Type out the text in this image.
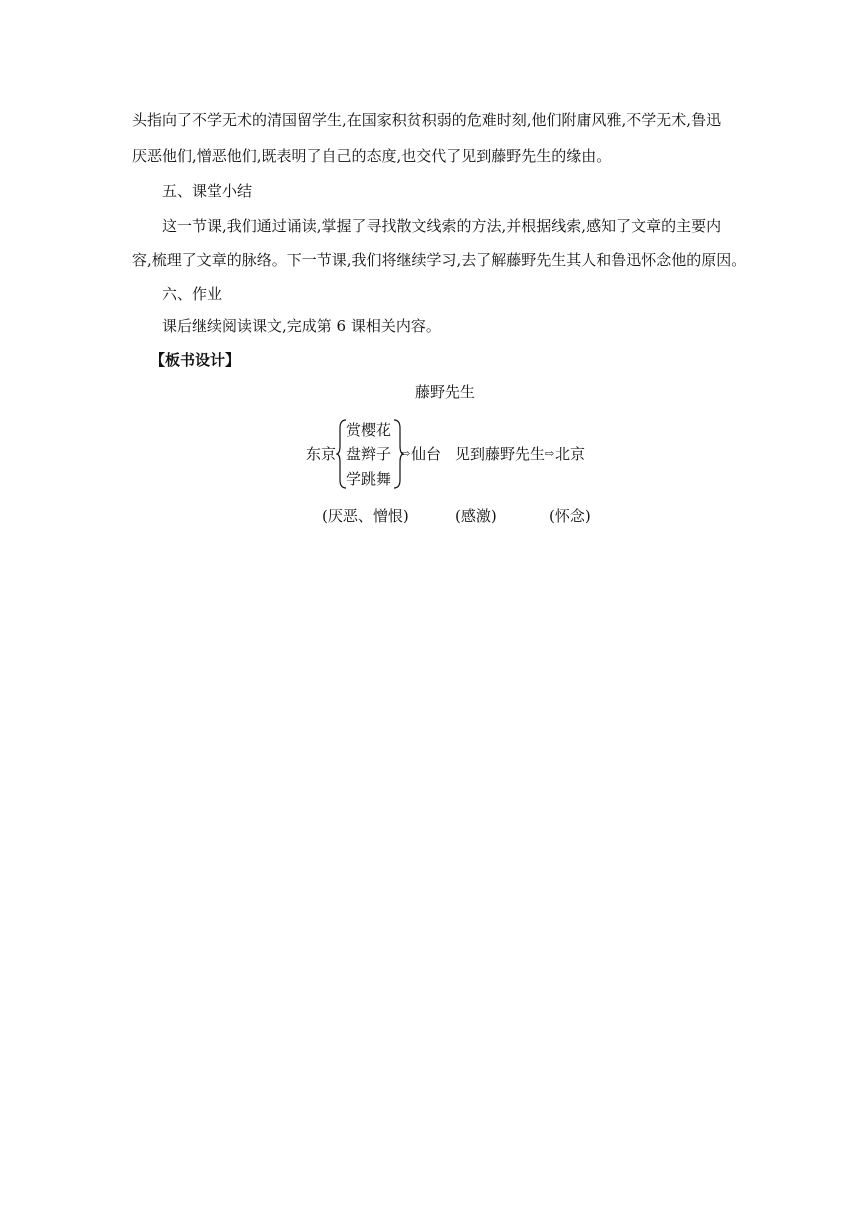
头指向了不学无术的清国留学生,在国家积贫积弱的危难时刻,他们附庸风雅,不学无术,鲁迅
厌恶他们,憎恶他们,既表明了自己的态度,也交代了见到藤野先生的缘由。
五、课堂小结
这一节课,我们通过诵读,掌握了寻找散文线索的方法,并根据线索,感知了文章的主要内
容,梳理了文章的脉络。下一节课,我们将继续学习,去了解藤野先生其人和鲁迅怀念他的原因。
六、作业
课后继续阅读课文,完成第 6 课相关内容。
【板书设计】
藤野先生
东京
赏樱花
盘辫子
学跳舞
⇨ 仙台 见到藤野先生 ⇨ 北京
(厌恶、憎恨)	(感激)	(怀念)
